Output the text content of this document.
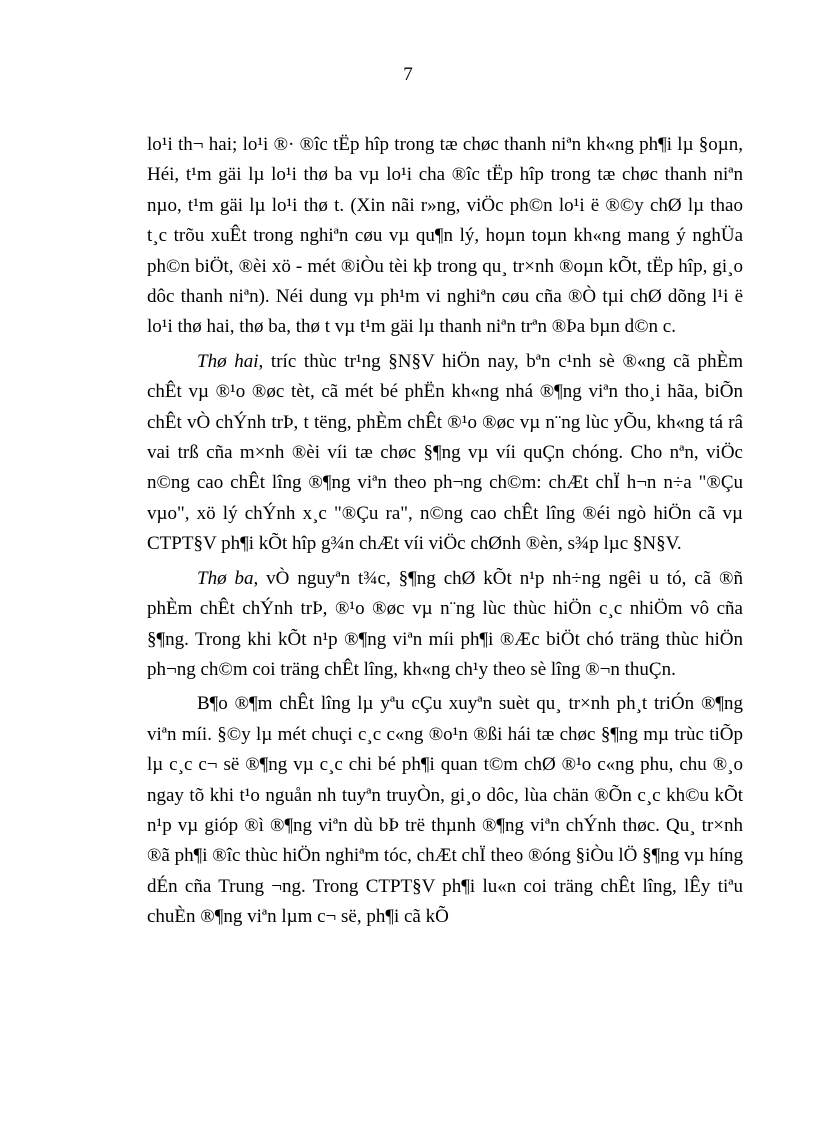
7

lo¹i th¬ hai; lo¹i ®· ®îc tËp hîp trong tæ chøc thanh niªn kh«ng ph¶i lµ §oµn, Héi, t¹m gäi lµ lo¹i thø ba vµ lo¹i cha ®îc tËp hîp trong tæ chøc thanh niªn nµo, t¹m gäi lµ lo¹i thø t. (Xin nãi r»ng, viÖc ph©n lo¹i ë ®©y chØ lµ thao t¸c trõu xuÊt trong nghiªn cøu vµ qu¶n lý, hoµn toµn kh«ng mang ý nghÜa ph©n biÖt, ®èi xö - mét ®iÒu tèi kþ trong qu¸ tr×nh ®oµn kÕt, tËp hîp, gi¸o dôc thanh niªn). Néi dung vµ ph¹m vi nghiªn cøu cña ®Ò tµi chØ dõng l¹i ë lo¹i thø hai, thø ba, thø t vµ t¹m gäi lµ thanh niªn trªn ®Þa bµn d©n c.

Thø hai, tríc thùc tr¹ng §N§V hiÖn nay, bªn c¹nh sè ®«ng cã phÈm chÊt vµ ®¹o ®øc tèt, cã mét bé phËn kh«ng nhá ®¶ng viªn tho¸i hãa, biÕn chÊt vÒ chÝnh trÞ, t tëng, phÈm chÊt ®¹o ®øc vµ n¨ng lùc yÕu, kh«ng tá râ vai trß cña m×nh ®èi víi tæ chøc §¶ng vµ víi quÇn chóng. Cho nªn, viÖc n©ng cao chÊt lîng ®¶ng viªn theo ph¬ng ch©m: chÆt chÏ h¬n n÷a "®Çu vµo", xö lý chÝnh x¸c "®Çu ra", n©ng cao chÊt lîng ®éi ngò hiÖn cã vµ CTPT§V ph¶i kÕt hîp g¾n chÆt víi viÖc chØnh ®èn, s¾p lµc §N§V.

Thø ba, vÒ nguyªn t¾c, §¶ng chØ kÕt n¹p nh÷ng ngêi u tó, cã ®ñ phÈm chÊt chÝnh trÞ, ®¹o ®øc vµ n¨ng lùc thùc hiÖn c¸c nhiÖm vô cña §¶ng. Trong khi kÕt n¹p ®¶ng viªn míi ph¶i ®Æc biÖt chó träng thùc hiÖn ph¬ng ch©m coi träng chÊt lîng, kh«ng ch¹y theo sè lîng ®¬n thuÇn.

B¶o ®¶m chÊt lîng lµ yªu cÇu xuyªn suèt qu¸ tr×nh ph¸t triÓn ®¶ng viªn míi. §©y lµ mét chuçi c¸c c«ng ®o¹n ®ßi hái tæ chøc §¶ng mµ trùc tiÕp lµ c¸c c¬ së ®¶ng vµ c¸c chi bé ph¶i quan t©m chØ ®¹o c«ng phu, chu ®¸o ngay tõ khi t¹o nguån nh tuyªn truyÒn, gi¸o dôc, lùa chän ®Õn c¸c kh©u kÕt n¹p vµ gióp ®ì ®¶ng viªn dù bÞ trë thµnh ®¶ng viªn chÝnh thøc. Qu¸ tr×nh ®ã ph¶i ®îc thùc hiÖn nghiªm tóc, chÆt chÏ theo ®óng §iÒu lÖ §¶ng vµ híng dÉn cña Trung ¬ng. Trong CTPT§V ph¶i lu«n coi träng chÊt lîng, lÊy tiªu chuÈn ®¶ng viªn lµm c¬ së, ph¶i cã kÕ
